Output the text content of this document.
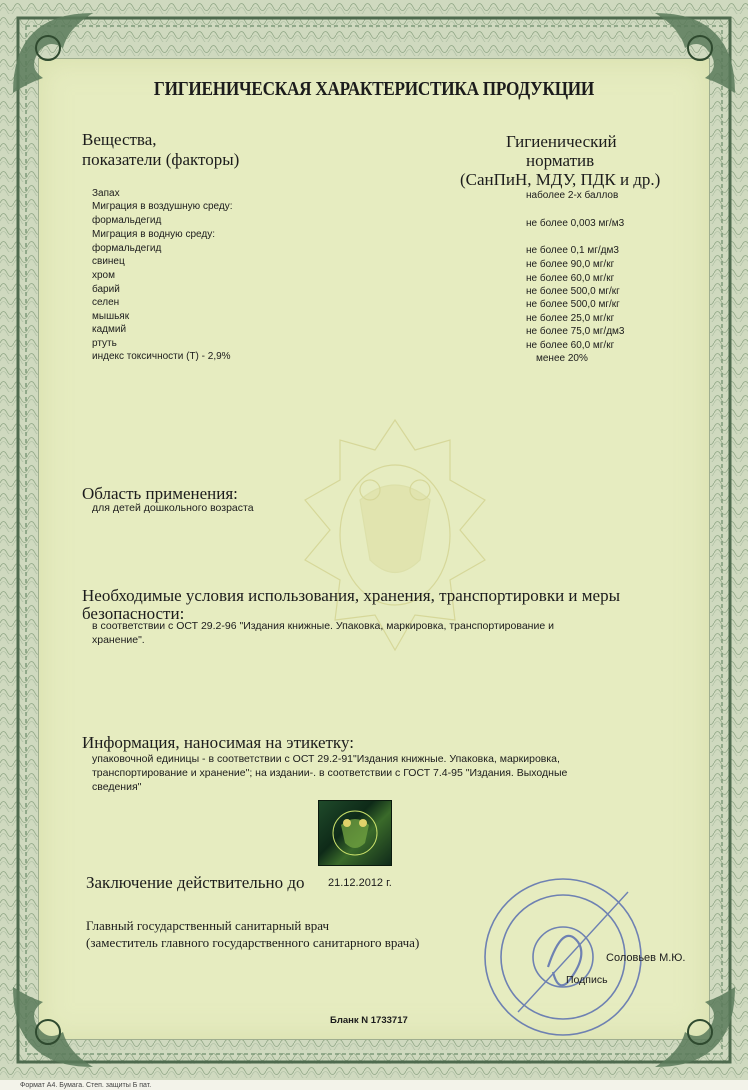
ГИГИЕНИЧЕСКАЯ ХАРАКТЕРИСТИКА ПРОДУКЦИИ
Вещества,
показатели (факторы)
Гигиенический
норматив
(СанПиН, МДУ, ПДК и др.)
Запах	наболее 2-х баллов
Миграция в воздушную среду:
формальдегид	не более 0,003 мг/м3
Миграция в водную среду:
формальдегид	не более 0,1 мг/дм3
свинец	не более 90,0 мг/кг
хром	не более 60,0 мг/кг
барий	не более 500,0 мг/кг
селен	не более 500,0 мг/кг
мышьяк	не более 25,0 мг/кг
кадмий	не более 75,0 мг/дм3
ртуть	не более 60,0 мг/кг
индекс токсичности (Т) - 2,9%	менее 20%
Область применения:
для детей дошкольного возраста
Необходимые условия использования, хранения, транспортировки и меры
безопасности:
в соответствии с ОСТ 29.2-96 "Издания книжные. Упаковка, маркировка, транспортирование и
хранение".
Информация, наносимая на этикетку:
упаковочной единицы - в соответствии с ОСТ 29.2-91"Издания книжные. Упаковка, маркировка,
транспортирование и хранение"; на издании-. в соответствии с ГОСТ 7.4-95 "Издания. Выходные
сведения"
Заключение действительно до 21.12.2012 г.
Главный государственный санитарный врач
(заместитель главного государственного санитарного врача)
Подпись
Соловьев М.Ю.
Бланк N 1733717
Формат А4. Бумага. Степ. защиты Б пат.
